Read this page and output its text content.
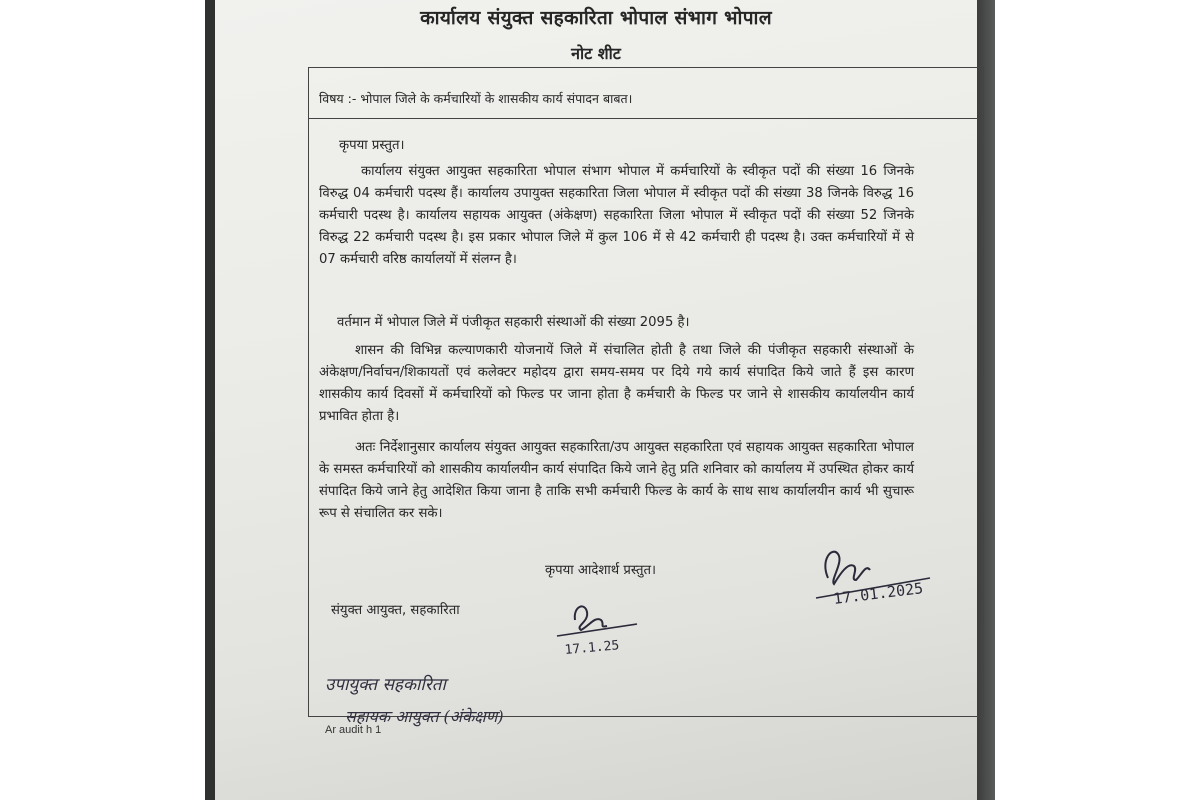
कार्यालय संयुक्त सहकारिता भोपाल संभाग भोपाल
नोट शीट
विषय :- भोपाल जिले के कर्मचारियों के शासकीय कार्य संपादन बाबत।
कृपया प्रस्तुत।
कार्यालय संयुक्त आयुक्त सहकारिता भोपाल संभाग भोपाल में कर्मचारियों के स्वीकृत पदों की संख्या 16 जिनके विरुद्ध 04 कर्मचारी पदस्थ हैं। कार्यालय उपायुक्त सहकारिता जिला भोपाल में स्वीकृत पदों की संख्या 38 जिनके विरुद्ध 16 कर्मचारी पदस्थ है। कार्यालय सहायक आयुक्त (अंकेक्षण) सहकारिता जिला भोपाल में स्वीकृत पदों की संख्या 52 जिनके विरुद्ध 22 कर्मचारी पदस्थ है। इस प्रकार भोपाल जिले में कुल 106 में से 42 कर्मचारी ही पदस्थ है। उक्त कर्मचारियों में से 07 कर्मचारी वरिष्ठ कार्यालयों में संलग्न है।
वर्तमान में भोपाल जिले में पंजीकृत सहकारी संस्थाओं की संख्या 2095 है।
शासन की विभिन्न कल्याणकारी योजनायें जिले में संचालित होती है तथा जिले की पंजीकृत सहकारी संस्थाओं के अंकेक्षण/निर्वाचन/शिकायतों एवं कलेक्टर महोदय द्वारा समय-समय पर दिये गये कार्य संपादित किये जाते हैं इस कारण शासकीय कार्य दिवसों में कर्मचारियों को फिल्ड पर जाना होता है कर्मचारी के फिल्ड पर जाने से शासकीय कार्यालयीन कार्य प्रभावित होता है।
अतः निर्देशानुसार कार्यालय संयुक्त आयुक्त सहकारिता/उप आयुक्त सहकारिता एवं सहायक आयुक्त सहकारिता भोपाल के समस्त कर्मचारियों को शासकीय कार्यालयीन कार्य संपादित किये जाने हेतु प्रति शनिवार को कार्यालय में उपस्थित होकर कार्य संपादित किये जाने हेतु आदेशित किया जाना है ताकि सभी कर्मचारी फिल्ड के कार्य के साथ साथ कार्यालयीन कार्य भी सुचारू रूप से संचालित कर सके।
कृपया आदेशार्थ प्रस्तुत।
संयुक्त आयुक्त, सहकारिता
17.01.2025
17.1.25
उपायुक्त सहकारिता
सहायक आयुक्त (अंकेक्षण)
Ar audit h 1
